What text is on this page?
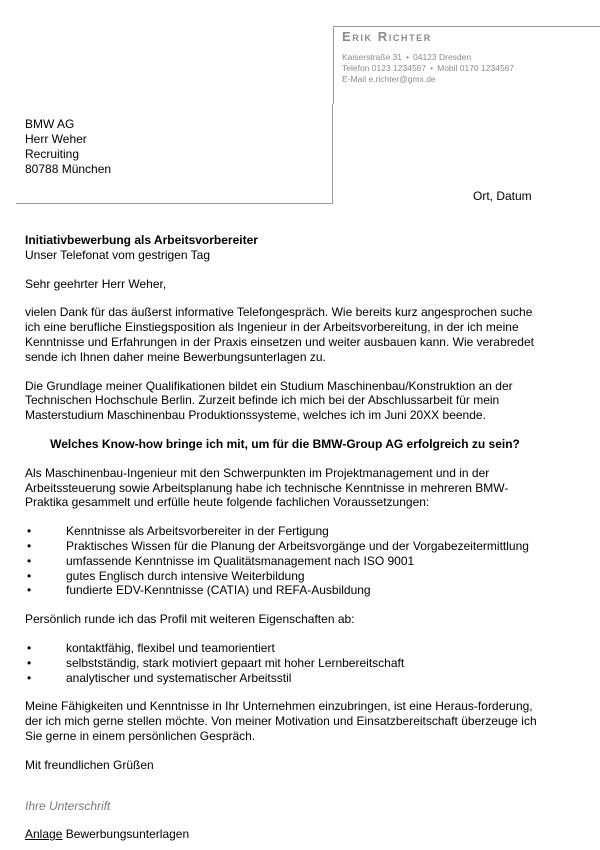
Erik Richter
Kaiserstraße 31 • 04123 Dresden
Telefon 0123 1234567 • Mobil 0170 1234567
E-Mail e.richter@gmx.de
BMW AG
Herr Weher
Recruiting
80788 München
Ort, Datum

Initiativbewerbung als Arbeitsvorbereiter

Unser Telefonat vom gestrigen Tag

Sehr geehrter Herr Weher,

vielen Dank für das äußerst informative Telefongespräch. Wie bereits kurz angesprochen suche ich eine berufliche Einstiegsposition als Ingenieur in der Arbeitsvorbereitung, in der ich meine Kenntnisse und Erfahrungen in der Praxis einsetzen und weiter ausbauen kann. Wie verabredet sende ich Ihnen daher meine Bewerbungsunterlagen zu.

Die Grundlage meiner Qualifikationen bildet ein Studium Maschinenbau/Konstruktion an der Technischen Hochschule Berlin. Zurzeit befinde ich mich bei der Abschlussarbeit für mein Masterstudium Maschinenbau Produktionssysteme, welches ich im Juni 20XX beende.

Welches Know-how bringe ich mit, um für die BMW-Group AG erfolgreich zu sein?

Als Maschinenbau-Ingenieur mit den Schwerpunkten im Projektmanagement und in der Arbeitssteuerung sowie Arbeitsplanung habe ich technische Kenntnisse in mehreren BMW-Praktika gesammelt und erfülle heute folgende fachlichen Voraussetzungen:

•	Kenntnisse als Arbeitsvorbereiter in der Fertigung
•	Praktisches Wissen für die Planung der Arbeitsvorgänge und der Vorgabezeitermittlung
•	umfassende Kenntnisse im Qualitätsmanagement nach ISO 9001
•	gutes Englisch durch intensive Weiterbildung
•	fundierte EDV-Kenntnisse (CATIA) und REFA-Ausbildung

Persönlich runde ich das Profil mit weiteren Eigenschaften ab:

•	kontaktfähig, flexibel und teamorientiert
•	selbstständig, stark motiviert gepaart mit hoher Lernbereitschaft
•	analytischer und systematischer Arbeitsstil

Meine Fähigkeiten und Kenntnisse in Ihr Unternehmen einzubringen, ist eine Heraus-forderung, der ich mich gerne stellen möchte. Von meiner Motivation und Einsatzbereitschaft überzeuge ich Sie gerne in einem persönlichen Gespräch.

Mit freundlichen Grüßen

Ihre Unterschrift

Anlage Bewerbungsunterlagen
